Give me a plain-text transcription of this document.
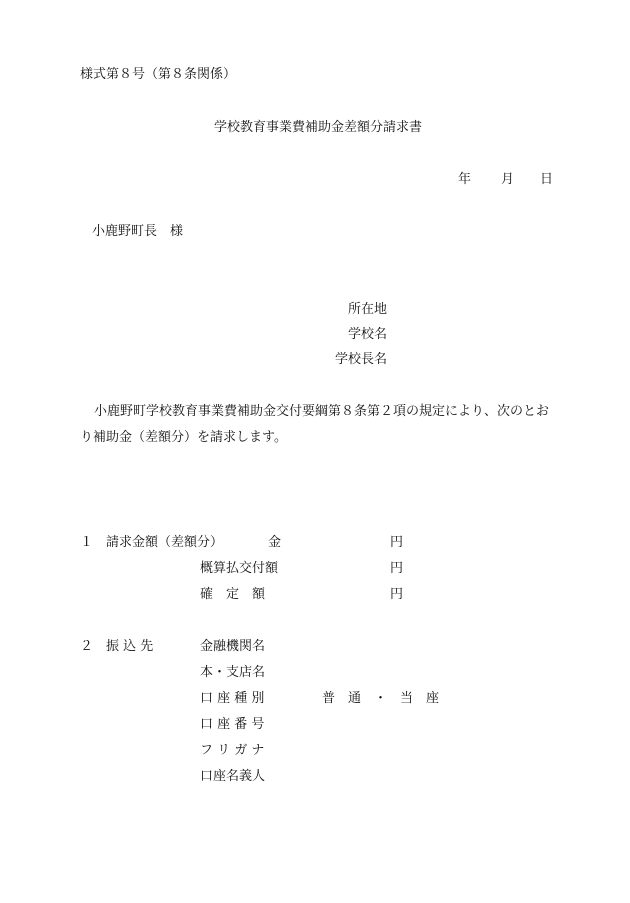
様式第８号（第８条関係）
学校教育事業費補助金差額分請求書
年 月 日
小鹿野町長　様
所在地
学校名
学校長名
小鹿野町学校教育事業費補助金交付要綱第８条第２項の規定により、次のとお
り補助金（差額分）を請求します。
１ 請求金額（差額分）	金	円
概算払交付額	円
確　定　額	円
２ 振 込 先	金融機関名
本・支店名
口 座 種 別	普　通　・　当　座
口 座 番 号
フ リ ガ ナ
口座名義人
